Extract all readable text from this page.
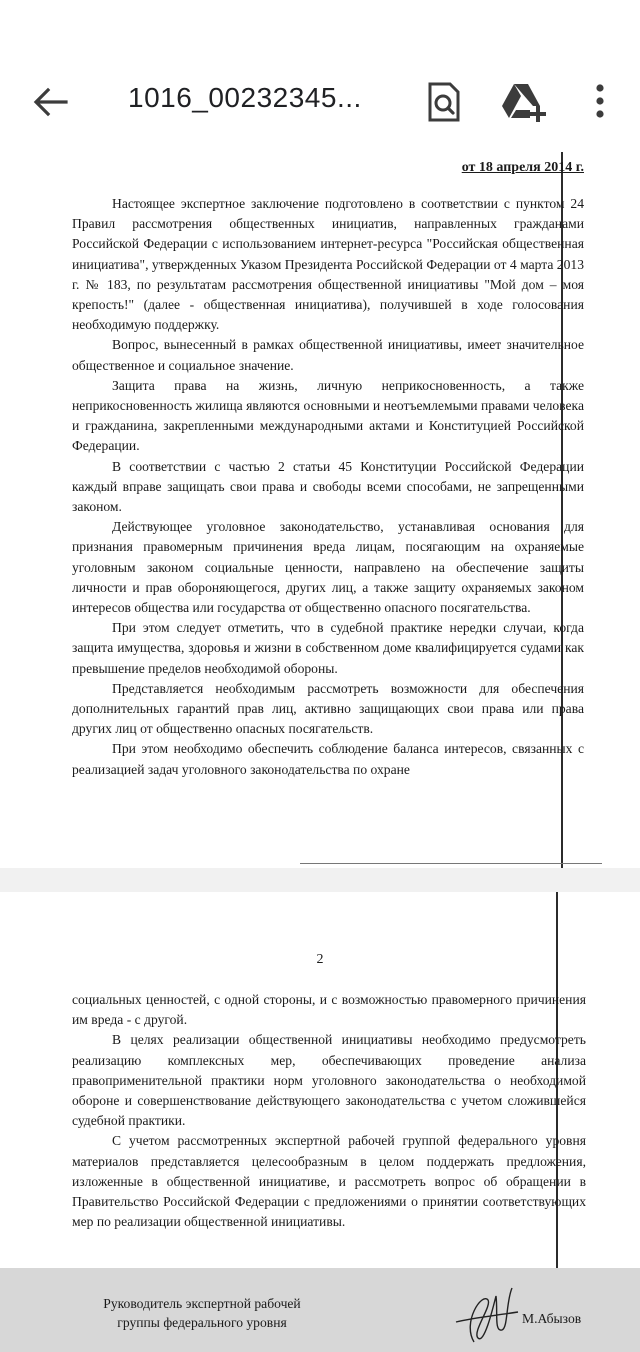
1016_00232345...
от 18 апреля 2014 г.

Настоящее экспертное заключение подготовлено в соответствии с пунктом 24 Правил рассмотрения общественных инициатив, направленных гражданами Российской Федерации с использованием интернет-ресурса "Российская общественная инициатива", утвержденных Указом Президента Российской Федерации от 4 марта 2013 г. № 183, по результатам рассмотрения общественной инициативы "Мой дом – моя крепость!" (далее - общественная инициатива), получившей в ходе голосования необходимую поддержку.

Вопрос, вынесенный в рамках общественной инициативы, имеет значительное общественное и социальное значение.

Защита права на жизнь, личную неприкосновенность, а также неприкосновенность жилища являются основными и неотъемлемыми правами человека и гражданина, закрепленными международными актами и Конституцией Российской Федерации.

В соответствии с частью 2 статьи 45 Конституции Российской Федерации каждый вправе защищать свои права и свободы всеми способами, не запрещенными законом.

Действующее уголовное законодательство, устанавливая основания для признания правомерным причинения вреда лицам, посягающим на охраняемые уголовным законом социальные ценности, направлено на обеспечение защиты личности и прав обороняющегося, других лиц, а также защиту охраняемых законом интересов общества или государства от общественно опасного посягательства.

При этом следует отметить, что в судебной практике нередки случаи, когда защита имущества, здоровья и жизни в собственном доме квалифицируется судами как превышение пределов необходимой обороны.

Представляется необходимым рассмотреть возможности для обеспечения дополнительных гарантий прав лиц, активно защищающих свои права или права других лиц от общественно опасных посягательств.

При этом необходимо обеспечить соблюдение баланса интересов, связанных с реализацией задач уголовного законодательства по охране

2

социальных ценностей, с одной стороны, и с возможностью правомерного причинения им вреда - с другой.

В целях реализации общественной инициативы необходимо предусмотреть реализацию комплексных мер, обеспечивающих проведение анализа правоприменительной практики норм уголовного законодательства о необходимой обороне и совершенствование действующего законодательства с учетом сложившейся судебной практики.

С учетом рассмотренных экспертной рабочей группой федерального уровня материалов представляется целесообразным в целом поддержать предложения, изложенные в общественной инициативе, и рассмотреть вопрос об обращении в Правительство Российской Федерации с предложениями о принятии соответствующих мер по реализации общественной инициативы.

Руководитель экспертной рабочей
группы федерального уровня	М.Абызов
